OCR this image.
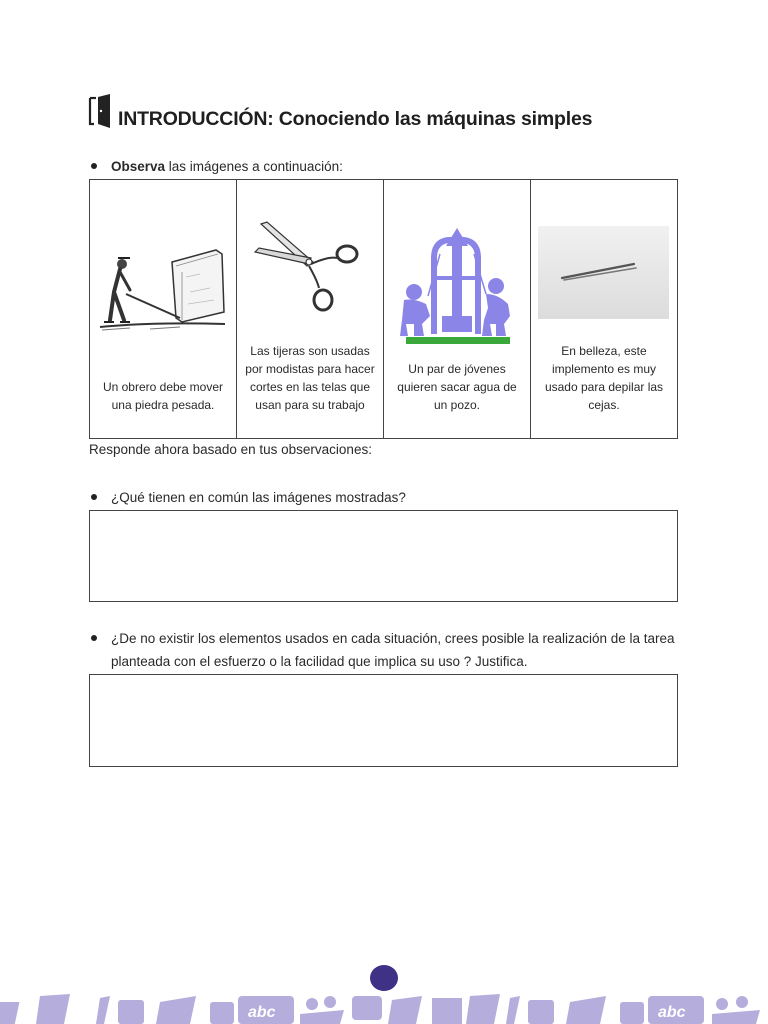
INTRODUCCIÓN: Conociendo las máquinas simples
Observa las imágenes a continuación:
Un obrero debe mover una piedra pesada.
Las tijeras son usadas por modistas para hacer cortes en las telas que usan para su trabajo
Un par de jóvenes quieren sacar agua de un pozo.
En belleza, este implemento es muy usado para depilar las cejas.
Responde ahora basado en tus observaciones:
¿Qué tienen en común las imágenes mostradas?
¿De no existir los elementos usados en cada situación, crees posible la realización de la tarea planteada con el esfuerzo o la facilidad que implica su uso ? Justifica.
abc	abc
